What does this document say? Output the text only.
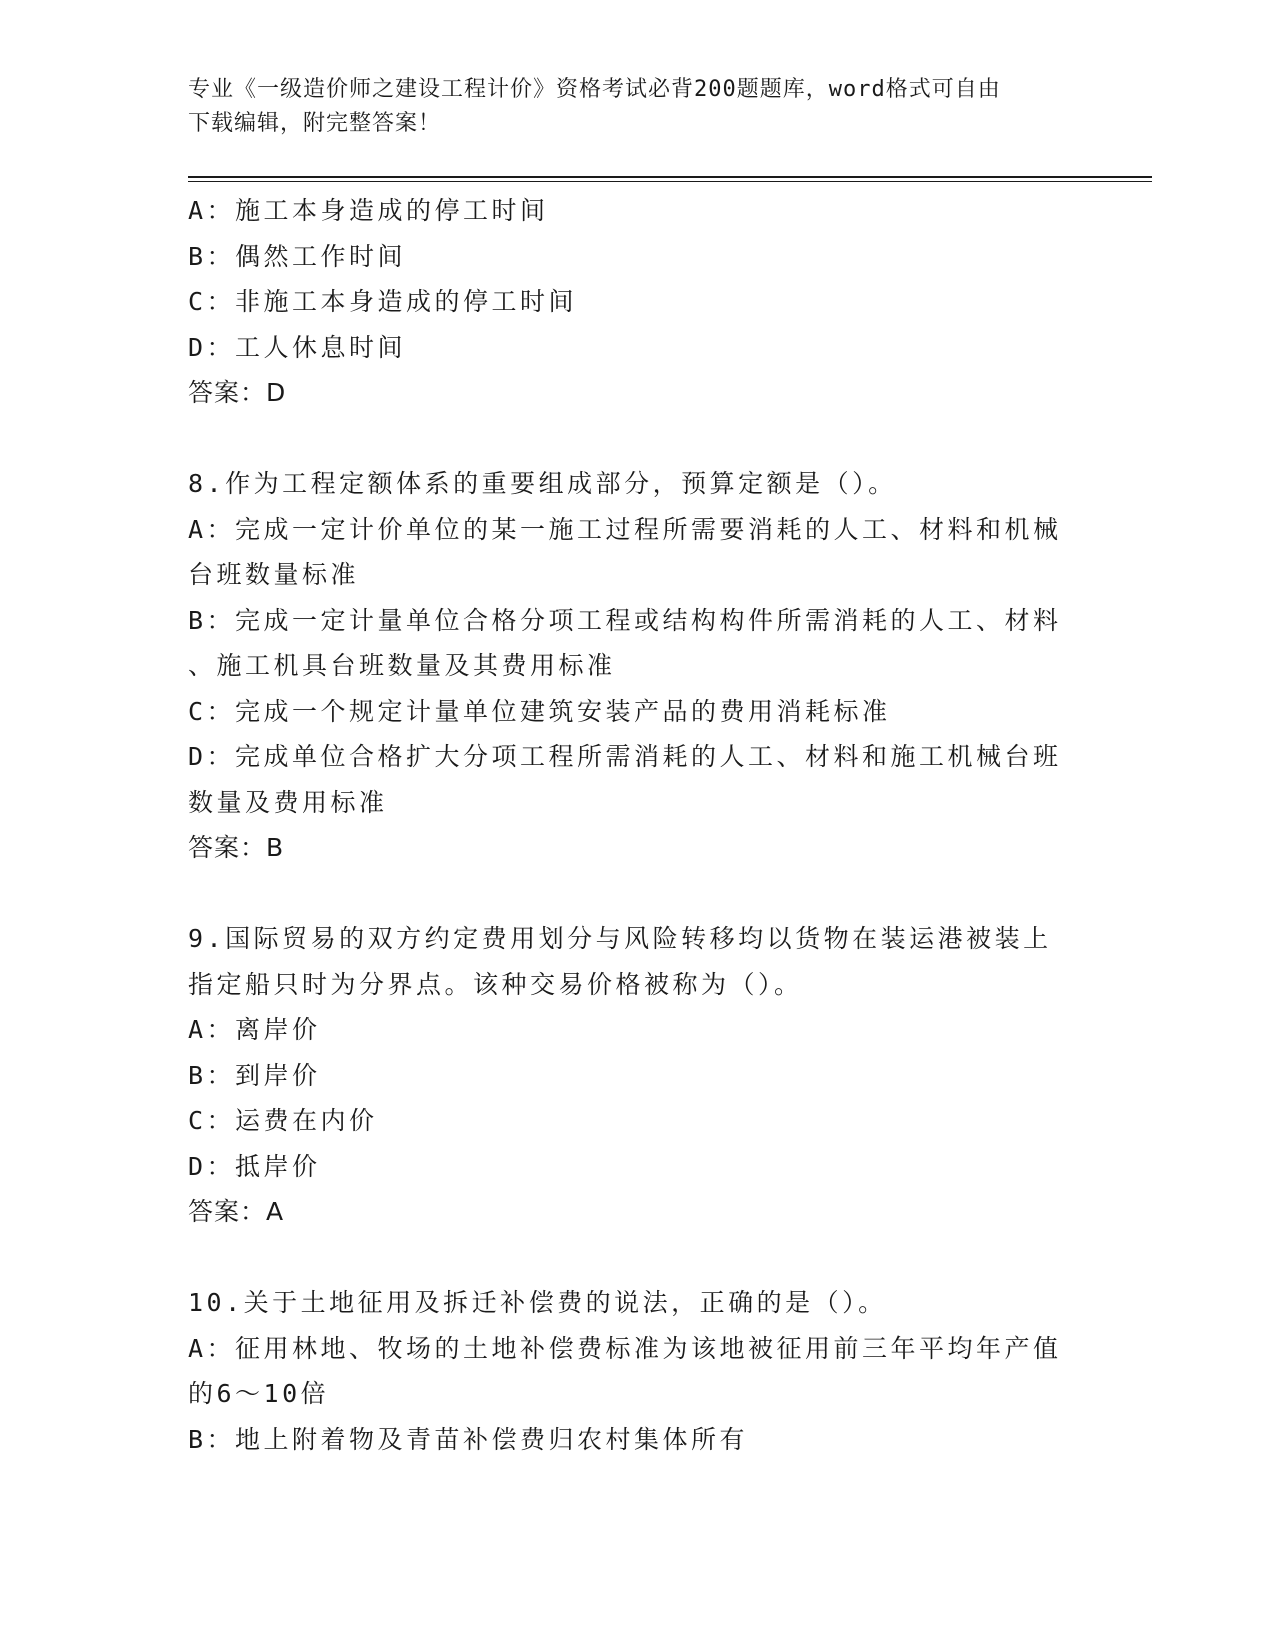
专业《一级造价师之建设工程计价》资格考试必背200题题库，word格式可自由
下载编辑，附完整答案！
A：施工本身造成的停工时间
B：偶然工作时间
C：非施工本身造成的停工时间
D：工人休息时间
答案：D
8.作为工程定额体系的重要组成部分，预算定额是（）。
A：完成一定计价单位的某一施工过程所需要消耗的人工、材料和机械
台班数量标准
B：完成一定计量单位合格分项工程或结构构件所需消耗的人工、材料
、施工机具台班数量及其费用标准
C：完成一个规定计量单位建筑安装产品的费用消耗标准
D：完成单位合格扩大分项工程所需消耗的人工、材料和施工机械台班
数量及费用标准
答案：B
9.国际贸易的双方约定费用划分与风险转移均以货物在装运港被装上
指定船只时为分界点。该种交易价格被称为（）。
A：离岸价
B：到岸价
C：运费在内价
D：抵岸价
答案：A
10.关于土地征用及拆迁补偿费的说法，正确的是（）。
A：征用林地、牧场的土地补偿费标准为该地被征用前三年平均年产值
的6～10倍
B：地上附着物及青苗补偿费归农村集体所有
